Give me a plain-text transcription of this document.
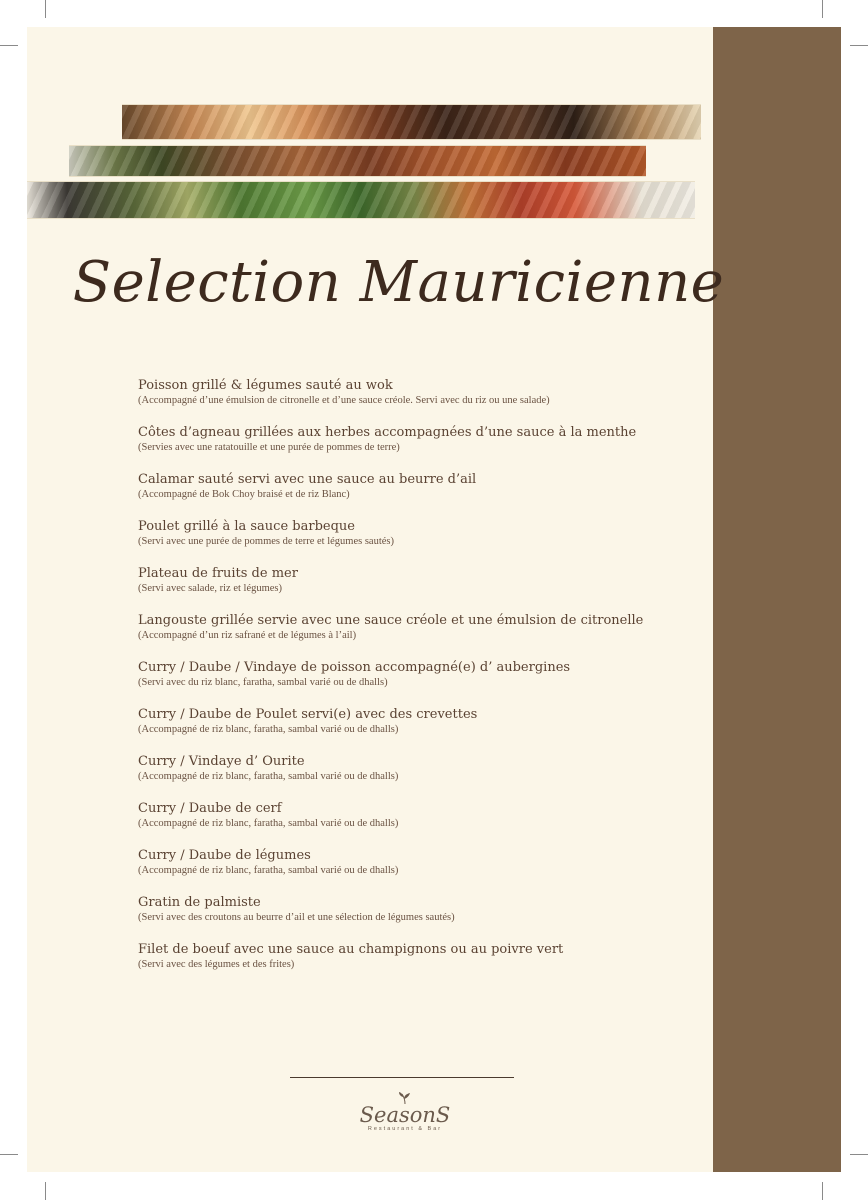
Selection Mauricienne
Poisson grillé & légumes sauté au wok
(Accompagné d’une émulsion de citronelle et d’une sauce créole. Servi avec du riz ou une salade)
Côtes d’agneau grillées aux herbes accompagnées d’une sauce à la menthe
(Servies avec une ratatouille et une purée de pommes de terre)
Calamar sauté servi avec une sauce au beurre d’ail
(Accompagné de Bok Choy braisé et de riz Blanc)
Poulet grillé à la sauce barbeque
(Servi avec une purée de pommes de terre et légumes sautés)
Plateau de fruits de mer
(Servi avec salade, riz et légumes)
Langouste grillée servie avec une sauce créole et une émulsion de citronelle
(Accompagné d’un riz safrané et de légumes à l’ail)
Curry / Daube / Vindaye de poisson accompagné(e) d’ aubergines
(Servi avec du riz blanc, faratha, sambal varié ou de dhalls)
Curry / Daube de Poulet servi(e) avec des crevettes
(Accompagné de riz blanc, faratha, sambal varié ou de dhalls)
Curry / Vindaye d’ Ourite
(Accompagné de riz blanc, faratha, sambal varié ou de dhalls)
Curry / Daube de cerf
(Accompagné de riz blanc, faratha, sambal varié ou de dhalls)
Curry / Daube de légumes
(Accompagné de riz blanc, faratha, sambal varié ou de dhalls)
Gratin de palmiste
(Servi avec des croutons au beurre d’ail et une sélection de légumes sautés)
Filet de boeuf avec une sauce au champignons ou au poivre vert
(Servi avec des légumes et des frites)
SeasonS
Restaurant & Bar
